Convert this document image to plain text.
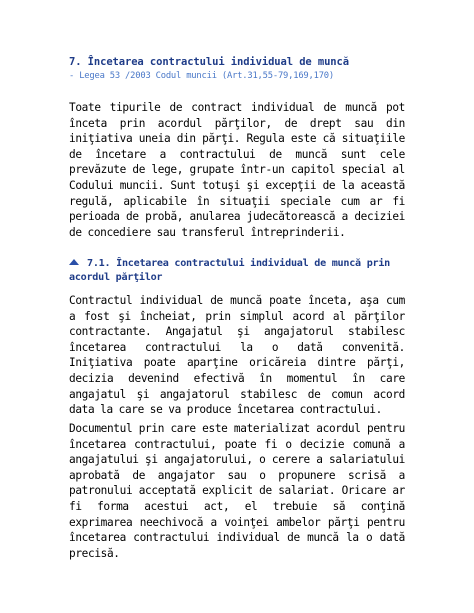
7. Încetarea contractului individual de muncă

- Legea 53 /2003 Codul muncii (Art.31,55-79,169,170)

Toate tipurile de contract individual de muncă pot înceta prin acordul părţilor, de drept sau din iniţiativa uneia din părţi. Regula este că situaţiile de încetare a contractului de muncă sunt cele prevăzute de lege, grupate într-un capitol special al Codului muncii. Sunt totuşi şi excepţii de la această regulă, aplicabile în situaţii speciale cum ar fi perioada de probă, anularea judecătorească a deciziei de concediere sau transferul întreprinderii.

7.1. Încetarea contractului individual de muncă prin acordul părţilor

Contractul individual de muncă poate înceta, aşa cum a fost şi încheiat, prin simplul acord al părţilor contractante. Angajatul şi angajatorul stabilesc încetarea contractului la o dată convenită. Iniţiativa poate aparţine oricăreia dintre părţi, decizia devenind efectivă în momentul în care angajatul şi angajatorul stabilesc de comun acord data la care se va produce încetarea contractului.

Documentul prin care este materializat acordul pentru încetarea contractului, poate fi o decizie comună a angajatului şi angajatorului, o cerere a salariatului aprobată de angajator sau o propunere scrisă a patronului acceptată explicit de salariat. Oricare ar fi forma acestui act, el trebuie să conţină exprimarea neechivocă a voinţei ambelor părţi pentru încetarea contractului individual de muncă la o dată precisă.
